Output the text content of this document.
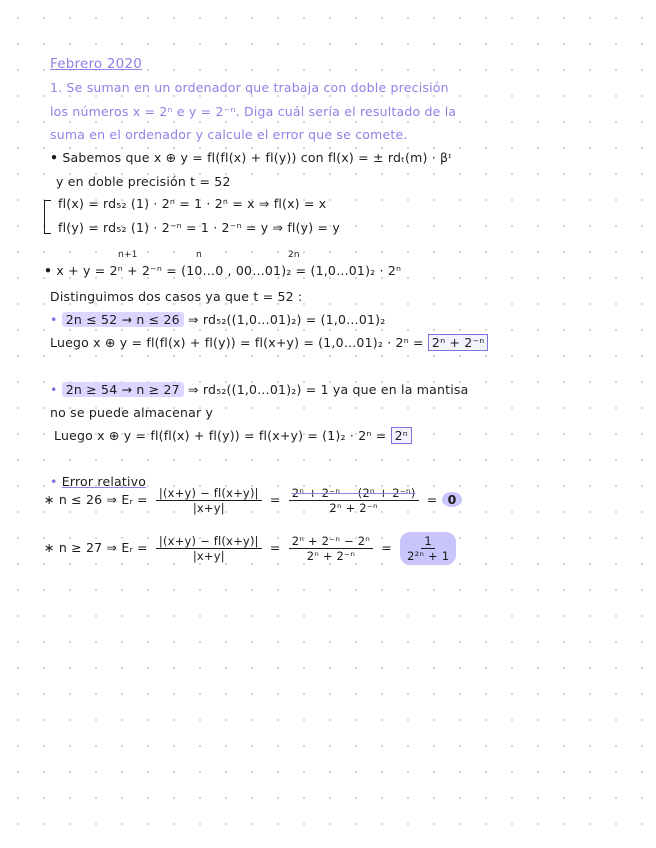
Febrero 2020
1. Se suman en un ordenador que trabaja con doble precisión
los números x = 2ⁿ e y = 2⁻ⁿ. Diga cuál sería el resultado de la
suma en el ordenador y calcule el error que se comete.
• Sabemos que x ⊕ y = fl(fl(x) + fl(y)) con fl(x) = ± rdₜ(m) · βᶦ
y en doble precisión t = 52
fl(x) = rd₅₂ (1) · 2ⁿ = 1 · 2ⁿ = x ⇒ fl(x) = x
fl(y) = rd₅₂ (1) · 2⁻ⁿ = 1 · 2⁻ⁿ = y ⇒ fl(y) = y
n+1	n	2n
• x + y = 2ⁿ + 2⁻ⁿ = (10…0 , 00…01)₂ = (1,0…01)₂ · 2ⁿ
Distinguimos dos casos ya que t = 52 :
• 2n ≤ 52 → n ≤ 26 ⇒ rd₅₂((1,0…01)₂) = (1,0…01)₂
Luego x ⊕ y = fl(fl(x) + fl(y)) = fl(x+y) = (1,0…01)₂ · 2ⁿ = 2ⁿ + 2⁻ⁿ
• 2n ≥ 54 → n ≥ 27 ⇒ rd₅₂((1,0…01)₂) = 1 ya que en la mantisa
no se puede almacenar y
Luego x ⊕ y = fl(fl(x) + fl(y)) = fl(x+y) = (1)₂ · 2ⁿ = 2ⁿ
• Error relativo
∗ n ≤ 26 ⇒ Eᵣ = $\frac{|(x+y) - fl(x+y)|}{|x+y|} = \frac{\text{2ⁿ + 2⁻ⁿ − (2ⁿ + 2⁻ⁿ)}}{\text{2ⁿ + 2⁻ⁿ}} = 0$
∗ n ≥ 27 ⇒ Eᵣ = $\frac{|(x+y) - fl(x+y)|}{|x+y|} = \frac{\text{2ⁿ + 2⁻ⁿ − 2ⁿ}}{\text{2ⁿ + 2⁻ⁿ}} = \frac{1}{\text{2²ⁿ + 1}}$
